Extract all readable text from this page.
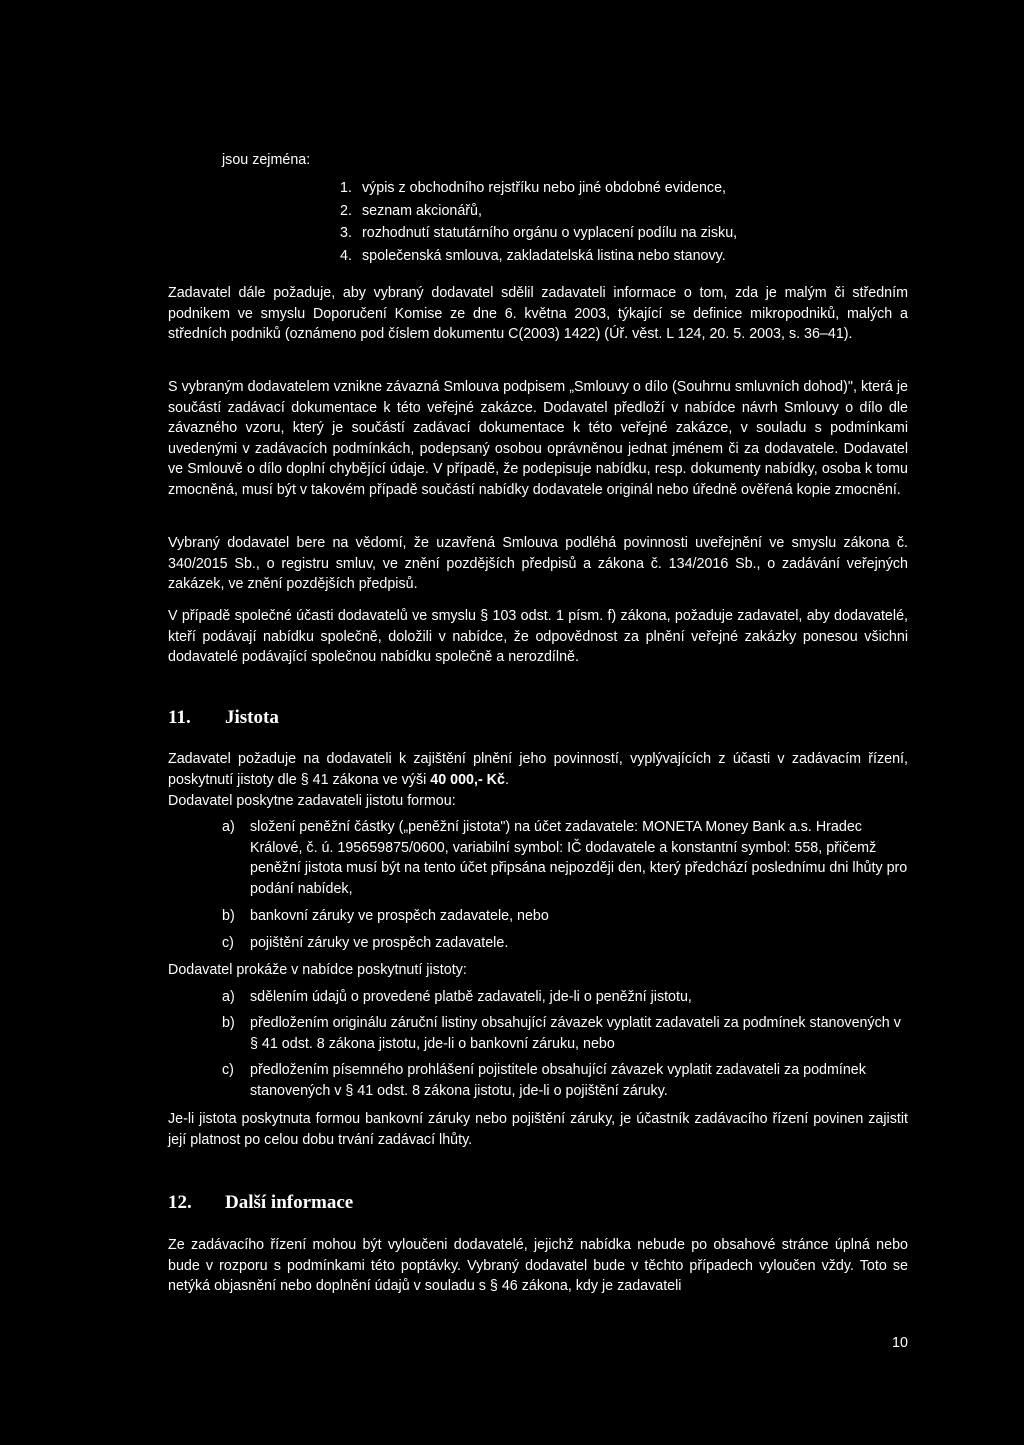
jsou zejména:

1. výpis z obchodního rejstříku nebo jiné obdobné evidence,
2. seznam akcionářů,
3. rozhodnutí statutárního orgánu o vyplacení podílu na zisku,
4. společenská smlouva, zakladatelská listina nebo stanovy.

Zadavatel dále požaduje, aby vybraný dodavatel sdělil zadavateli informace o tom, zda je malým či středním podnikem ve smyslu Doporučení Komise ze dne 6. května 2003, týkající se definice mikropodniků, malých a středních podniků (oznámeno pod číslem dokumentu C(2003) 1422) (Úř. věst. L 124, 20. 5. 2003, s. 36–41).

S vybraným dodavatelem vznikne závazná Smlouva podpisem „Smlouvy o dílo (Souhrnu smluvních dohod)", která je součástí zadávací dokumentace k této veřejné zakázce. Dodavatel předloží v nabídce návrh Smlouvy o dílo dle závazného vzoru, který je součástí zadávací dokumentace k této veřejné zakázce, v souladu s podmínkami uvedenými v zadávacích podmínkách, podepsaný osobou oprávněnou jednat jménem či za dodavatele. Dodavatel ve Smlouvě o dílo doplní chybějící údaje. V případě, že podepisuje nabídku, resp. dokumenty nabídky, osoba k tomu zmocněná, musí být v takovém případě součástí nabídky dodavatele originál nebo úředně ověřená kopie zmocnění.

Vybraný dodavatel bere na vědomí, že uzavřená Smlouva podléhá povinnosti uveřejnění ve smyslu zákona č. 340/2015 Sb., o registru smluv, ve znění pozdějších předpisů a zákona č. 134/2016 Sb., o zadávání veřejných zakázek, ve znění pozdějších předpisů.

V případě společné účasti dodavatelů ve smyslu § 103 odst. 1 písm. f) zákona, požaduje zadavatel, aby dodavatelé, kteří podávají nabídku společně, doložili v nabídce, že odpovědnost za plnění veřejné zakázky ponesou všichni dodavatelé podávající společnou nabídku společně a nerozdílně.

11. Jistota

Zadavatel požaduje na dodavateli k zajištění plnění jeho povinností, vyplývajících z účasti v zadávacím řízení, poskytnutí jistoty dle § 41 zákona ve výši 40 000,- Kč.

Dodavatel poskytne zadavateli jistotu formou:

a) složení peněžní částky („peněžní jistota") na účet zadavatele: MONETA Money Bank a.s. Hradec Králové, č. ú. 195659875/0600, variabilní symbol: IČ dodavatele a konstantní symbol: 558, přičemž peněžní jistota musí být na tento účet připsána nejpozději den, který předchází poslednímu dni lhůty pro podání nabídek,
b) bankovní záruky ve prospěch zadavatele, nebo
c) pojištění záruky ve prospěch zadavatele.

Dodavatel prokáže v nabídce poskytnutí jistoty:

a) sdělením údajů o provedené platbě zadavateli, jde-li o peněžní jistotu,
b) předložením originálu záruční listiny obsahující závazek vyplatit zadavateli za podmínek stanovených v § 41 odst. 8 zákona jistotu, jde-li o bankovní záruku, nebo
c) předložením písemného prohlášení pojistitele obsahující závazek vyplatit zadavateli za podmínek stanovených v § 41 odst. 8 zákona jistotu, jde-li o pojištění záruky.

Je-li jistota poskytnuta formou bankovní záruky nebo pojištění záruky, je účastník zadávacího řízení povinen zajistit její platnost po celou dobu trvání zadávací lhůty.

12. Další informace

Ze zadávacího řízení mohou být vyloučeni dodavatelé, jejichž nabídka nebude po obsahové stránce úplná nebo bude v rozporu s podmínkami této poptávky. Vybraný dodavatel bude v těchto případech vyloučen vždy. Toto se netýká objasnění nebo doplnění údajů v souladu s § 46 zákona, kdy je zadavateli

10
